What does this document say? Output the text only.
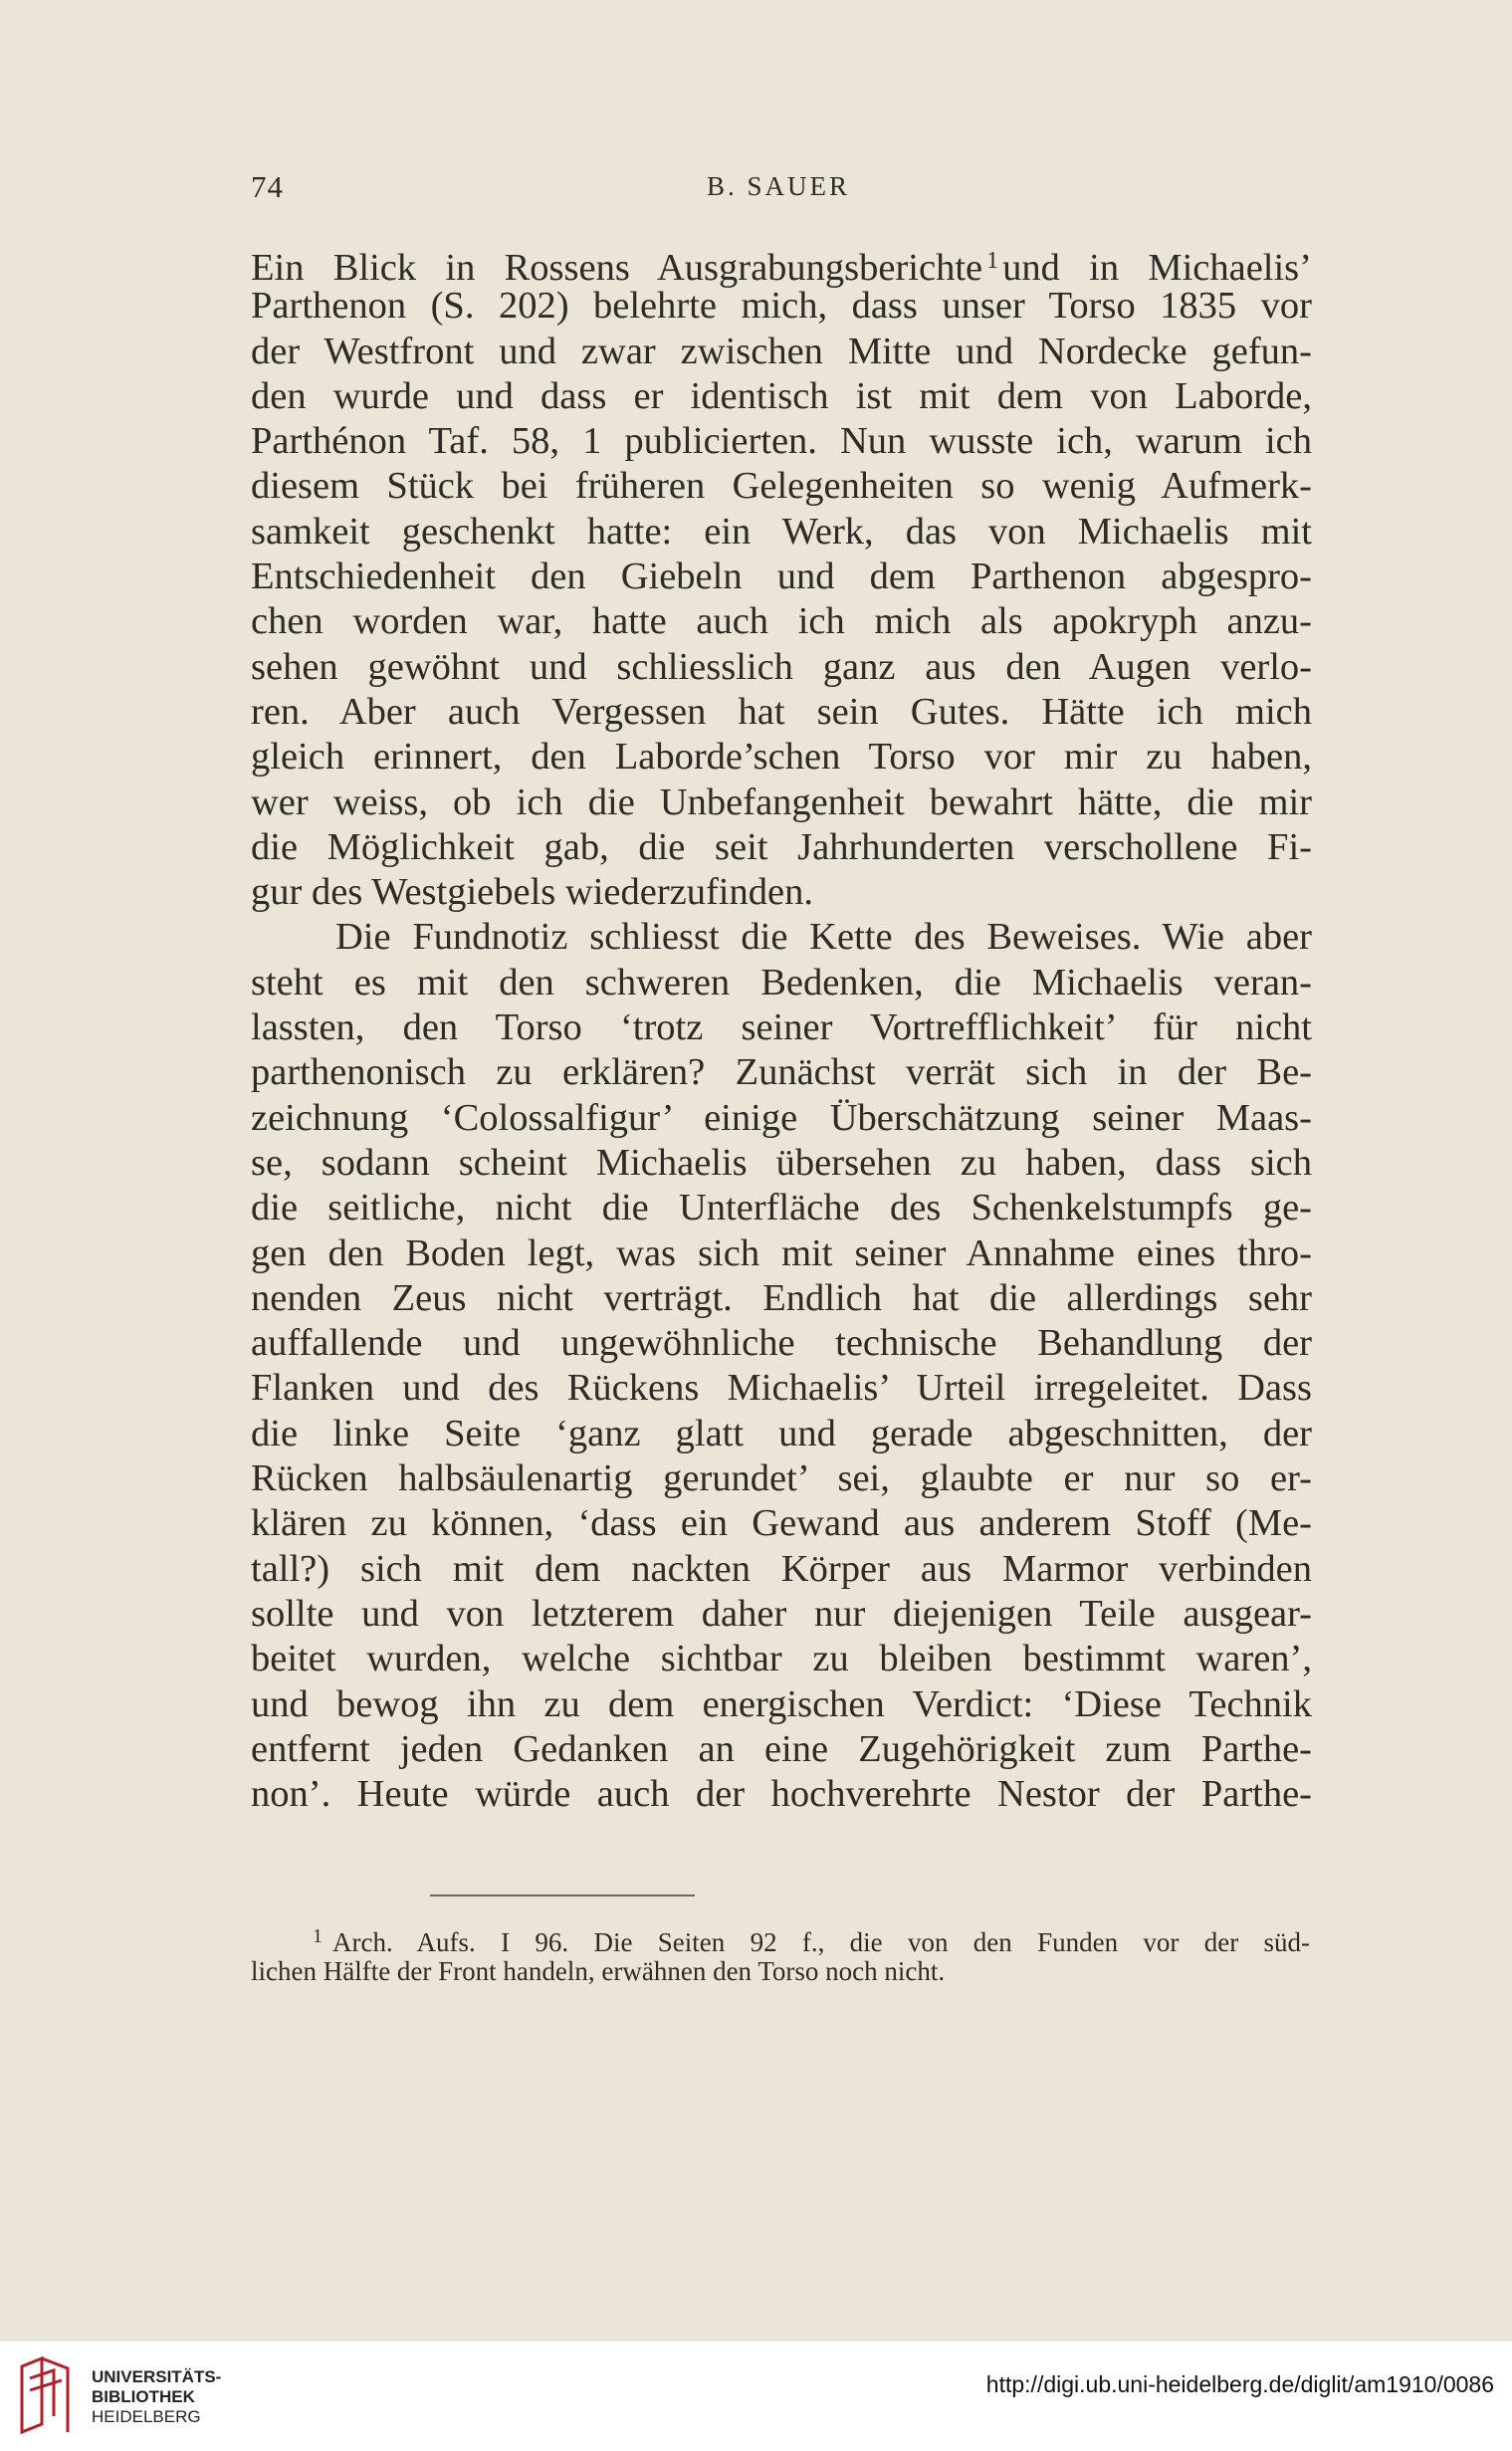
74	B. SAUER
Ein Blick in Rossens Ausgrabungsberichte $^1$ und in Michaelis’
Parthenon (S. 202) belehrte mich, dass unser Torso 1835 vor
der Westfront und zwar zwischen Mitte und Nordecke gefun-
den wurde und dass er identisch ist mit dem von Laborde,
Parthénon Taf. 58, 1 publicierten. Nun wusste ich, warum ich
diesem Stück bei früheren Gelegenheiten so wenig Aufmerk-
samkeit geschenkt hatte: ein Werk, das von Michaelis mit
Entschiedenheit den Giebeln und dem Parthenon abgespro-
chen worden war, hatte auch ich mich als apokryph anzu-
sehen gewöhnt und schliesslich ganz aus den Augen verlo-
ren. Aber auch Vergessen hat sein Gutes. Hätte ich mich
gleich erinnert, den Laborde’schen Torso vor mir zu haben,
wer weiss, ob ich die Unbefangenheit bewahrt hätte, die mir
die Möglichkeit gab, die seit Jahrhunderten verschollene Fi-
gur des Westgiebels wiederzufinden.
Die Fundnotiz schliesst die Kette des Beweises. Wie aber
steht es mit den schweren Bedenken, die Michaelis veran-
lassten, den Torso ‘trotz seiner Vortrefflichkeit’ für nicht
parthenonisch zu erklären? Zunächst verrät sich in der Be-
zeichnung ‘Colossalfigur’ einige Überschätzung seiner Maas-
se, sodann scheint Michaelis übersehen zu haben, dass sich
die seitliche, nicht die Unterfläche des Schenkelstumpfs ge-
gen den Boden legt, was sich mit seiner Annahme eines thro-
nenden Zeus nicht verträgt. Endlich hat die allerdings sehr
auffallende und ungewöhnliche technische Behandlung der
Flanken und des Rückens Michaelis’ Urteil irregeleitet. Dass
die linke Seite ‘ganz glatt und gerade abgeschnitten, der
Rücken halbsäulenartig gerundet’ sei, glaubte er nur so er-
klären zu können, ‘dass ein Gewand aus anderem Stoff (Me-
tall?) sich mit dem nackten Körper aus Marmor verbinden
sollte und von letzterem daher nur diejenigen Teile ausgear-
beitet wurden, welche sichtbar zu bleiben bestimmt waren’,
und bewog ihn zu dem energischen Verdict: ‘Diese Technik
entfernt jeden Gedanken an eine Zugehörigkeit zum Parthe-
non’. Heute würde auch der hochverehrte Nestor der Parthe-
$^1$ Arch. Aufs. I 96. Die Seiten 92 f., die von den Funden vor der süd-
lichen Hälfte der Front handeln, erwähnen den Torso noch nicht.
UNIVERSITÄTS-
BIBLIOTHEK
HEIDELBERG
http://digi.ub.uni-heidelberg.de/diglit/am1910/0086
